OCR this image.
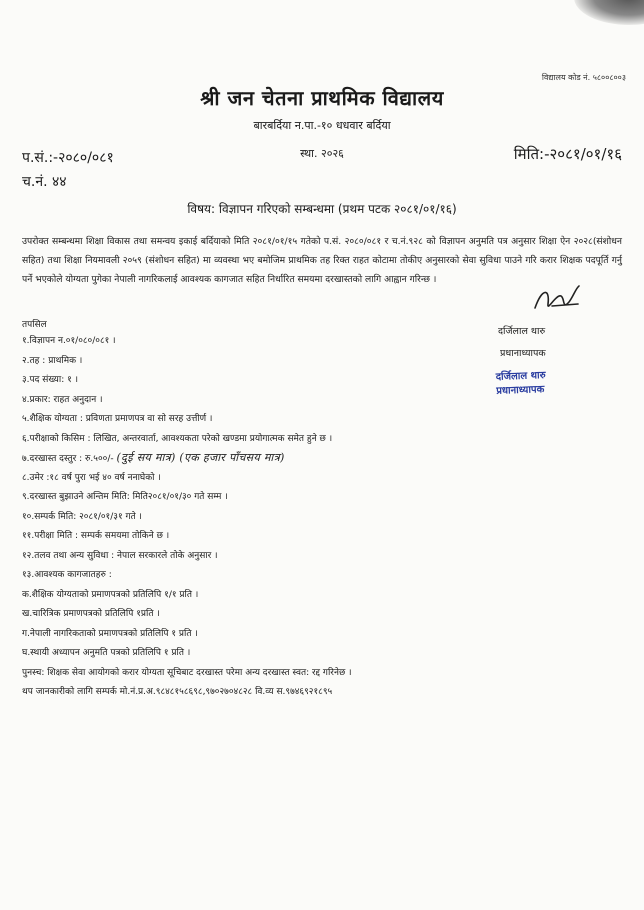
विद्यालय कोड नं. ५८००८००३
श्री जन चेतना प्राथमिक विद्यालय
बारबर्दिया न.पा.-१० धधवार बर्दिया
स्था. २०२६
प.सं.:-२०८०/०८१	मिति:-२०८१/०१/१६
च.नं. ४४
विषय: विज्ञापन गरिएको सम्बन्धमा (प्रथम पटक २०८१/०१/१६)
उपरोक्त सम्बन्धमा शिक्षा विकास तथा समन्वय इकाई बर्दियाको मिति २०८१/०१/१५ गतेको प.सं. २०८०/०८१ र च.नं.९२८ को विज्ञापन अनुमति पत्र अनुसार शिक्षा ऐन २०२८(संशोधन सहित) तथा शिक्षा नियमावली २०५९ (संशोधन सहित) मा व्यवस्था भए बमोजिम प्राथमिक तह रिक्त राहत कोटामा तोकीए अनुसारको सेवा सुविधा पाउने गरि करार शिक्षक पदपूर्ति गर्नु पर्ने भएकोले योग्यता पुगेका नेपाली नागरिकलाई आवश्यक कागजात सहित निर्धारित समयमा दरखास्तको लागि आह्वान गरिन्छ ।
दर्जिलाल थारु
प्रधानाध्यापक
दर्जिलाल थारु
प्रधानाध्यापक
तपसिल
१.विज्ञापन न.०१/०८०/०८१ ।
२.तह : प्राथमिक ।
३.पद संख्या: १ ।
४.प्रकार: राहत अनुदान ।
५.शैक्षिक योग्यता : प्रविणता प्रमाणपत्र वा सो सरह उत्तीर्ण ।
६.परीक्षाको किसिम : लिखित, अन्तरवार्ता, आवश्यकता परेको खण्डमा प्रयोगात्मक समेत हुने छ ।
७.दरखास्त दस्तुर : रु.५००/- (दुई सय मात्र) (एक हजार पाँचसय मात्र)
८.उमेर :१८ वर्ष पुरा भई ४० वर्ष ननाघेको ।
९.दरखास्त बुझाउने अन्तिम मिति: मिति२०८१/०१/३० गते सम्म ।
१०.सम्पर्क मिति: २०८१/०१/३१ गते ।
११.परीक्षा मिति : सम्पर्क समयमा तोकिने छ ।
१२.तलव तथा अन्य सुविधा : नेपाल सरकारले तोके अनुसार ।
१३.आवश्यक कागजातहरु :
क.शैक्षिक योग्यताको प्रमाणपत्रको प्रतिलिपि १/१ प्रति ।
ख.चारित्रिक प्रमाणपत्रको प्रतिलिपि १प्रति ।
ग.नेपाली नागरिकताको प्रमाणपत्रको प्रतिलिपि १ प्रति ।
घ.स्थायी अध्यापन अनुमति पत्रको प्रतिलिपि १ प्रति ।
पुनस्च: शिक्षक सेवा आयोगको करार योग्यता सूचिबाट दरखास्त परेमा अन्य दरखास्त स्वत: रद्द गरिनेछ ।
थप जानकारीको लागि सम्पर्क मो.नं.प्र.अ.९८४८१५८६९८,९७०२७०४८२८ वि.व्य स.९७४६९२१८९५
